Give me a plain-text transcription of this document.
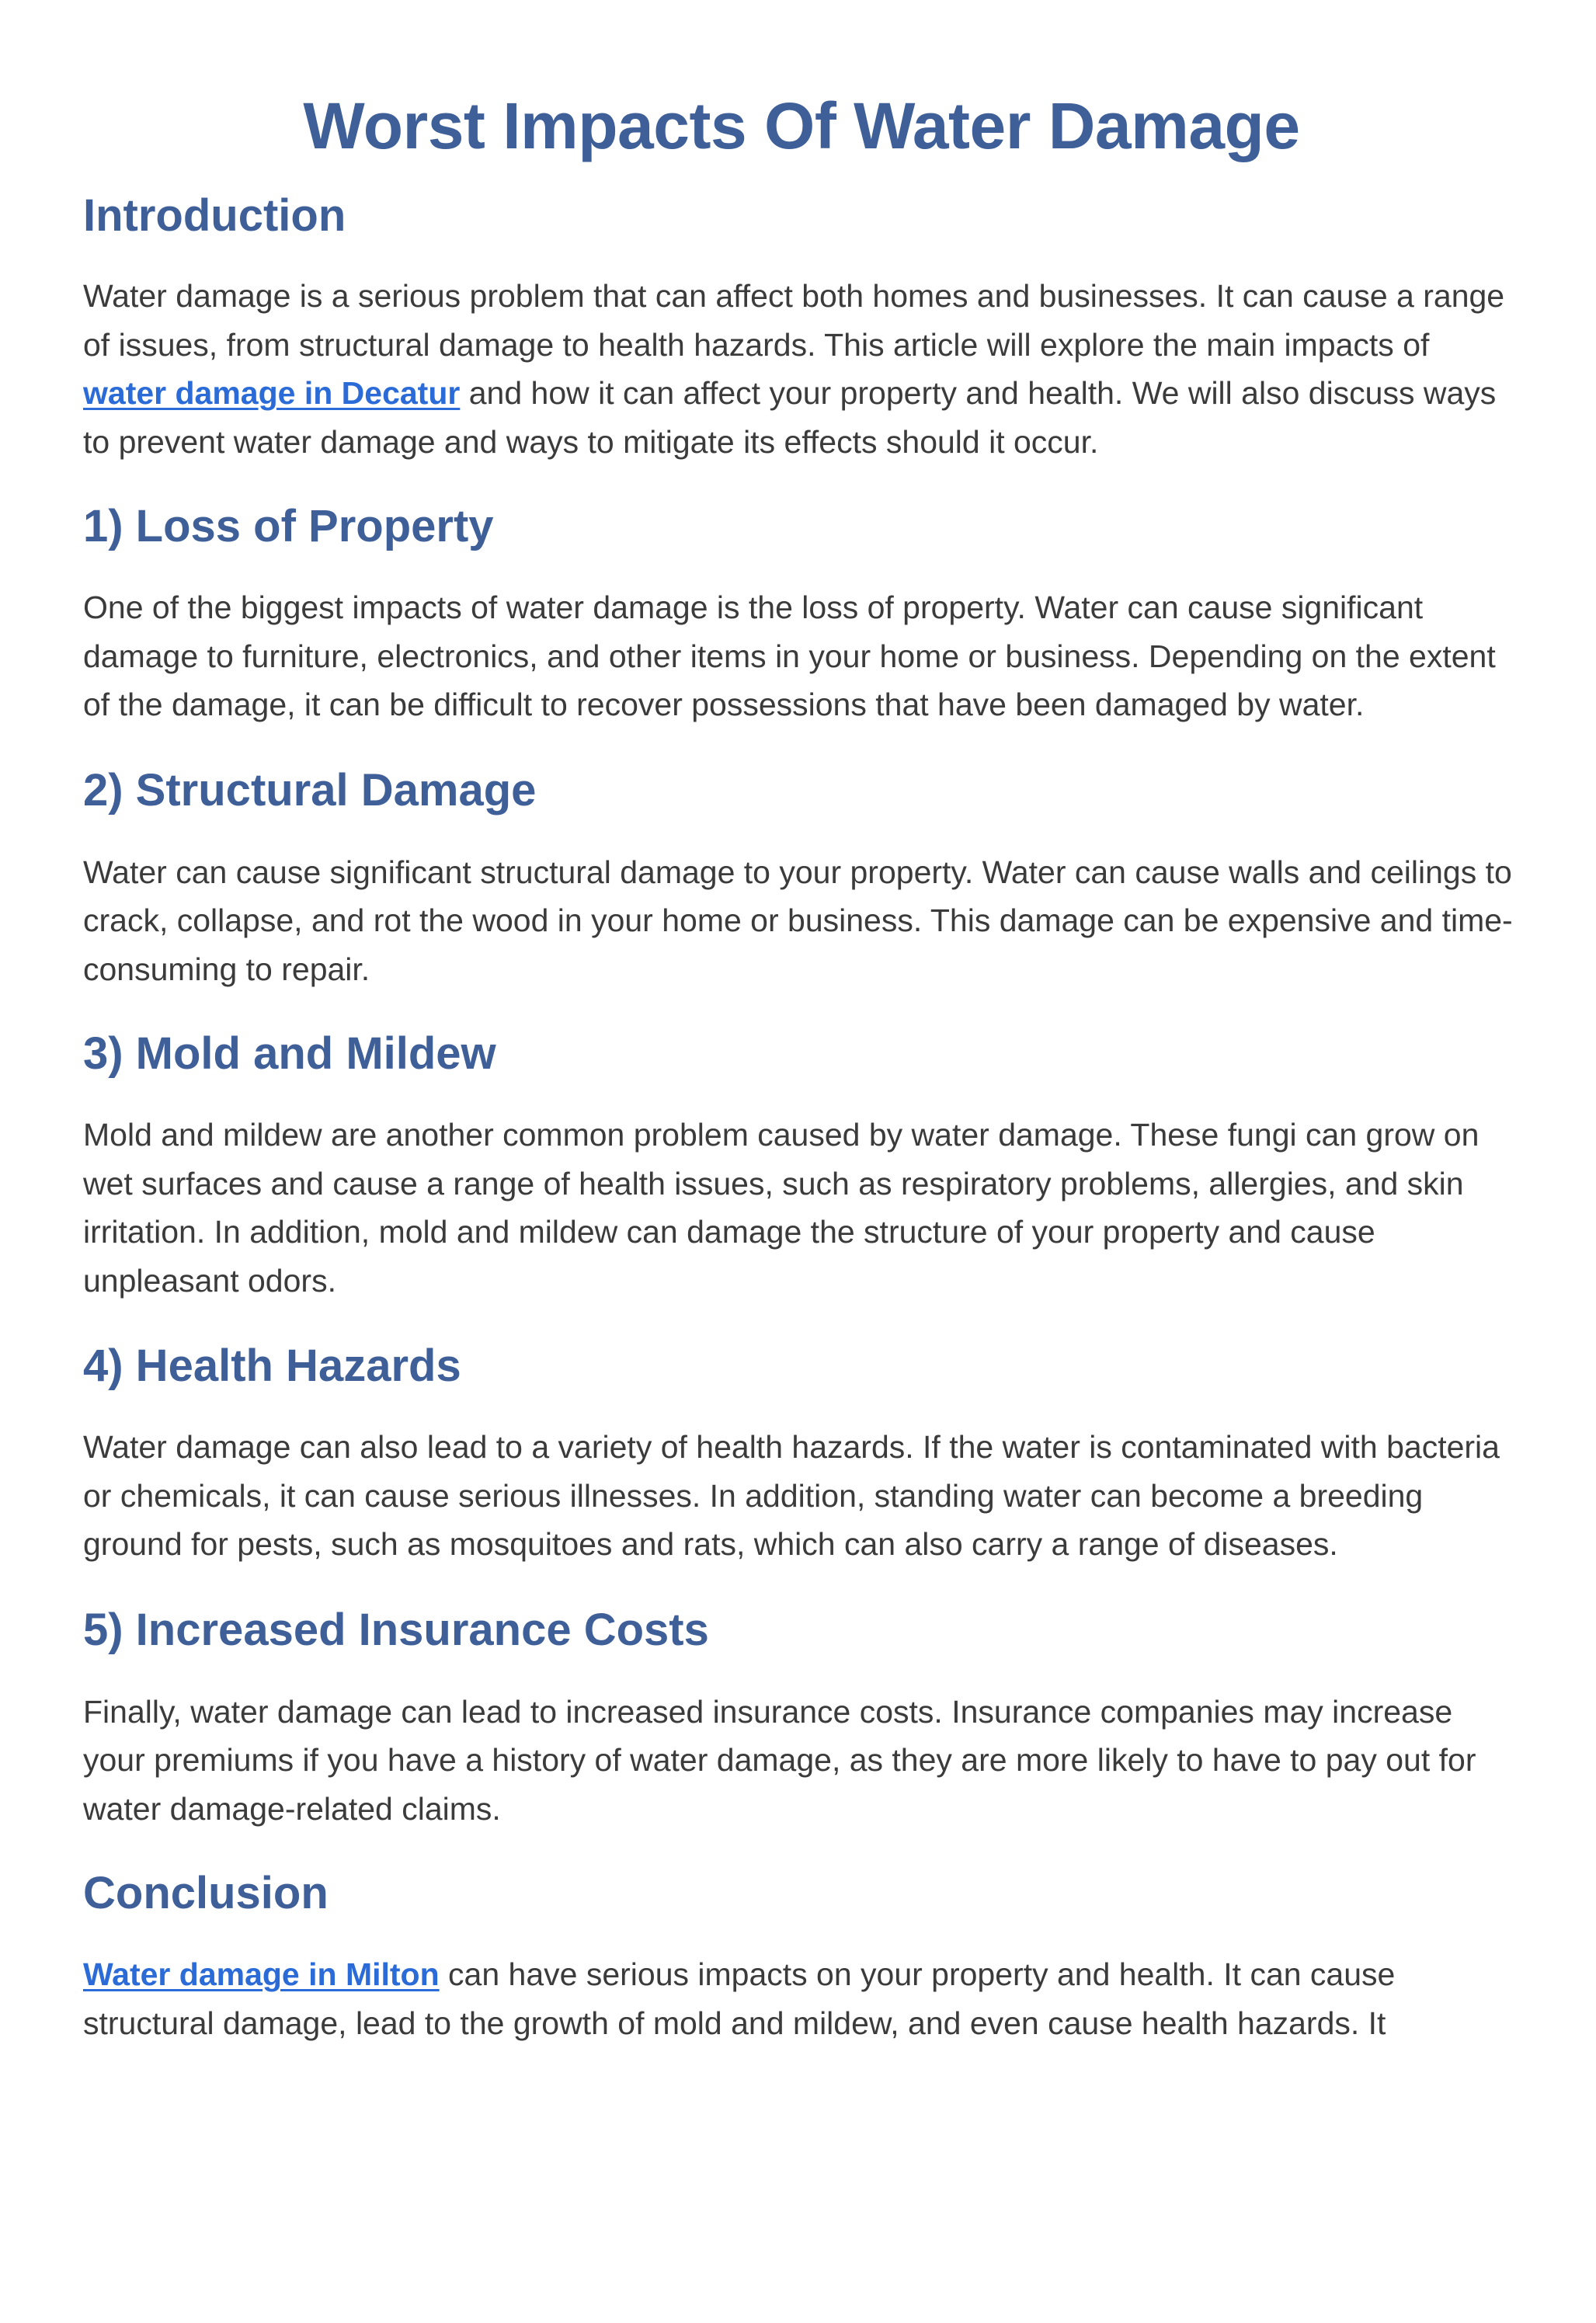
Worst Impacts Of Water Damage
Introduction

Water damage is a serious problem that can affect both homes and businesses. It can cause a range of issues, from structural damage to health hazards. This article will explore the main impacts of water damage in Decatur and how it can affect your property and health. We will also discuss ways to prevent water damage and ways to mitigate its effects should it occur.

1) Loss of Property

One of the biggest impacts of water damage is the loss of property. Water can cause significant damage to furniture, electronics, and other items in your home or business. Depending on the extent of the damage, it can be difficult to recover possessions that have been damaged by water.

2) Structural Damage

Water can cause significant structural damage to your property. Water can cause walls and ceilings to crack, collapse, and rot the wood in your home or business. This damage can be expensive and time-consuming to repair.

3) Mold and Mildew

Mold and mildew are another common problem caused by water damage. These fungi can grow on wet surfaces and cause a range of health issues, such as respiratory problems, allergies, and skin irritation. In addition, mold and mildew can damage the structure of your property and cause unpleasant odors.

4) Health Hazards

Water damage can also lead to a variety of health hazards. If the water is contaminated with bacteria or chemicals, it can cause serious illnesses. In addition, standing water can become a breeding ground for pests, such as mosquitoes and rats, which can also carry a range of diseases.

5) Increased Insurance Costs

Finally, water damage can lead to increased insurance costs. Insurance companies may increase your premiums if you have a history of water damage, as they are more likely to have to pay out for water damage-related claims.

Conclusion

Water damage in Milton can have serious impacts on your property and health. It can cause structural damage, lead to the growth of mold and mildew, and even cause health hazards. It
